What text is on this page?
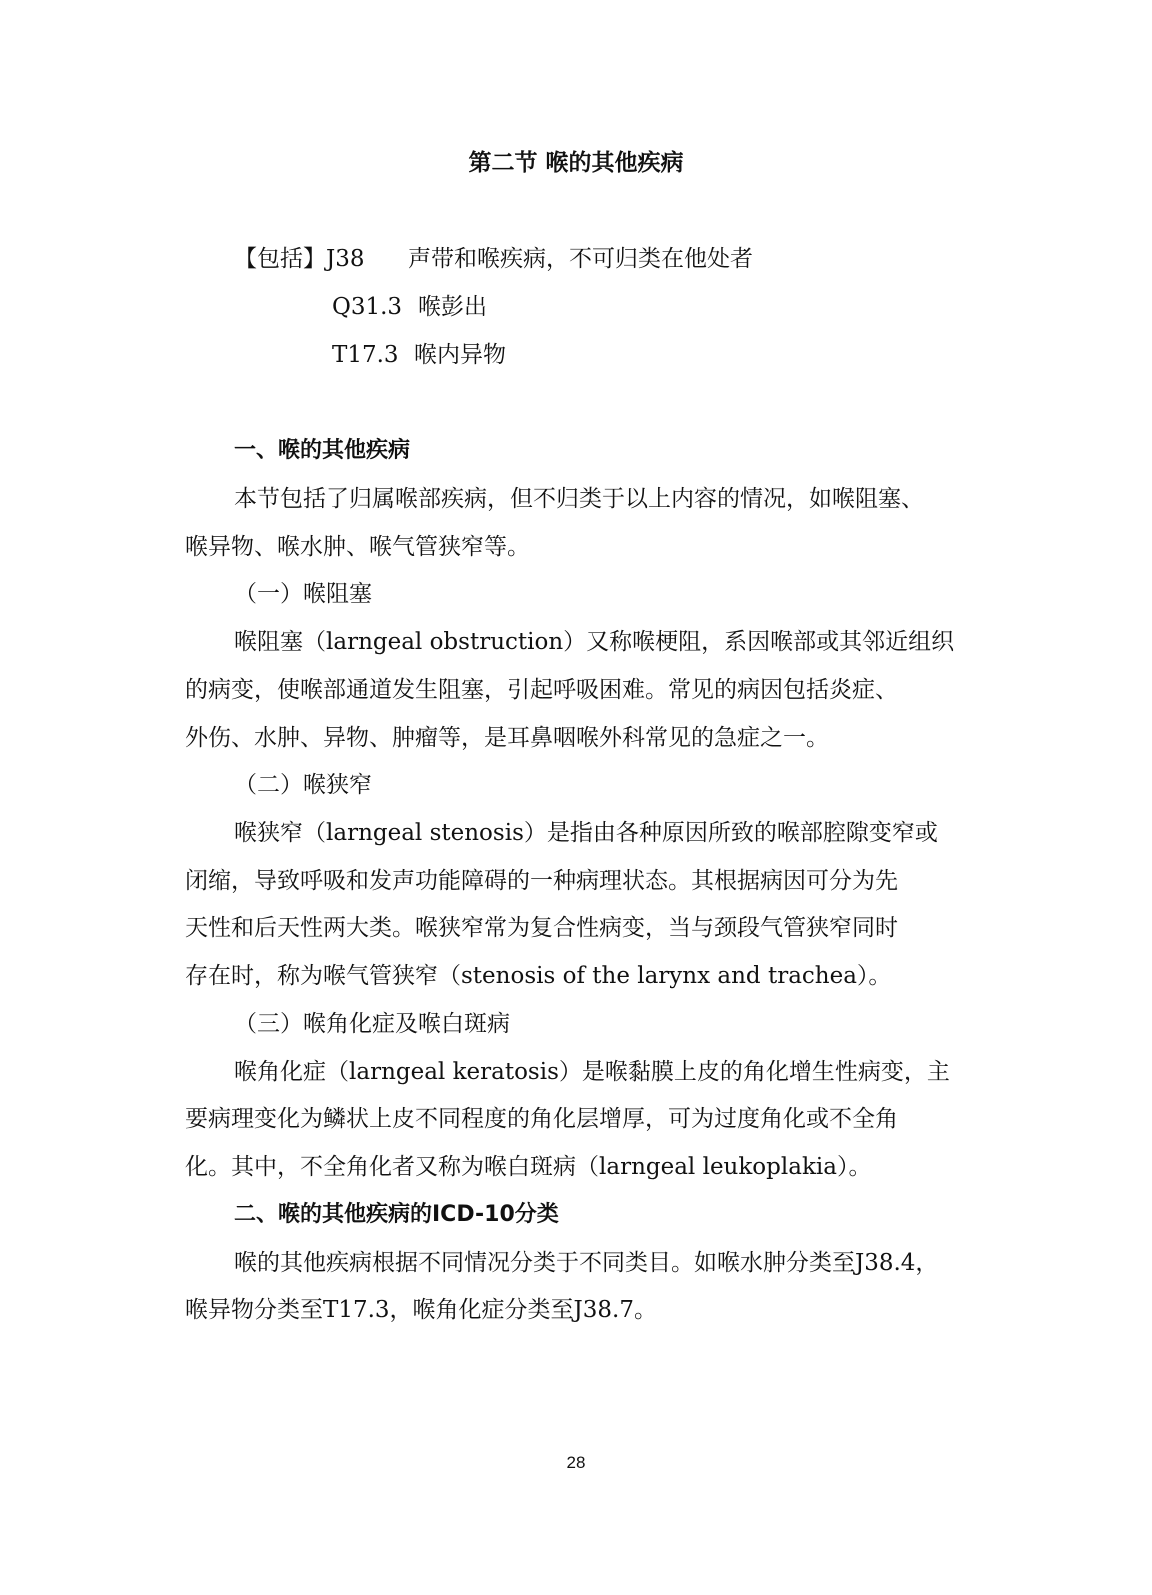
第二节 喉的其他疾病
【包括】J38 声带和喉疾病，不可归类在他处者
Q31.3 喉彭出
T17.3 喉内异物
一、喉的其他疾病
本节包括了归属喉部疾病，但不归类于以上内容的情况，如喉阻塞、
喉异物、喉水肿、喉气管狭窄等。
（一）喉阻塞
喉阻塞（larngeal obstruction）又称喉梗阻，系因喉部或其邻近组织
的病变，使喉部通道发生阻塞，引起呼吸困难。常见的病因包括炎症、
外伤、水肿、异物、肿瘤等，是耳鼻咽喉外科常见的急症之一。
（二）喉狭窄
喉狭窄（larngeal stenosis）是指由各种原因所致的喉部腔隙变窄或
闭缩，导致呼吸和发声功能障碍的一种病理状态。其根据病因可分为先
天性和后天性两大类。喉狭窄常为复合性病变，当与颈段气管狭窄同时
存在时，称为喉气管狭窄（stenosis of the larynx and trachea）。
（三）喉角化症及喉白斑病
喉角化症（larngeal keratosis）是喉黏膜上皮的角化增生性病变，主
要病理变化为鳞状上皮不同程度的角化层增厚，可为过度角化或不全角
化。其中，不全角化者又称为喉白斑病（larngeal leukoplakia）。
二、喉的其他疾病的ICD-10分类
喉的其他疾病根据不同情况分类于不同类目。如喉水肿分类至J38.4，
喉异物分类至T17.3，喉角化症分类至J38.7。
28
